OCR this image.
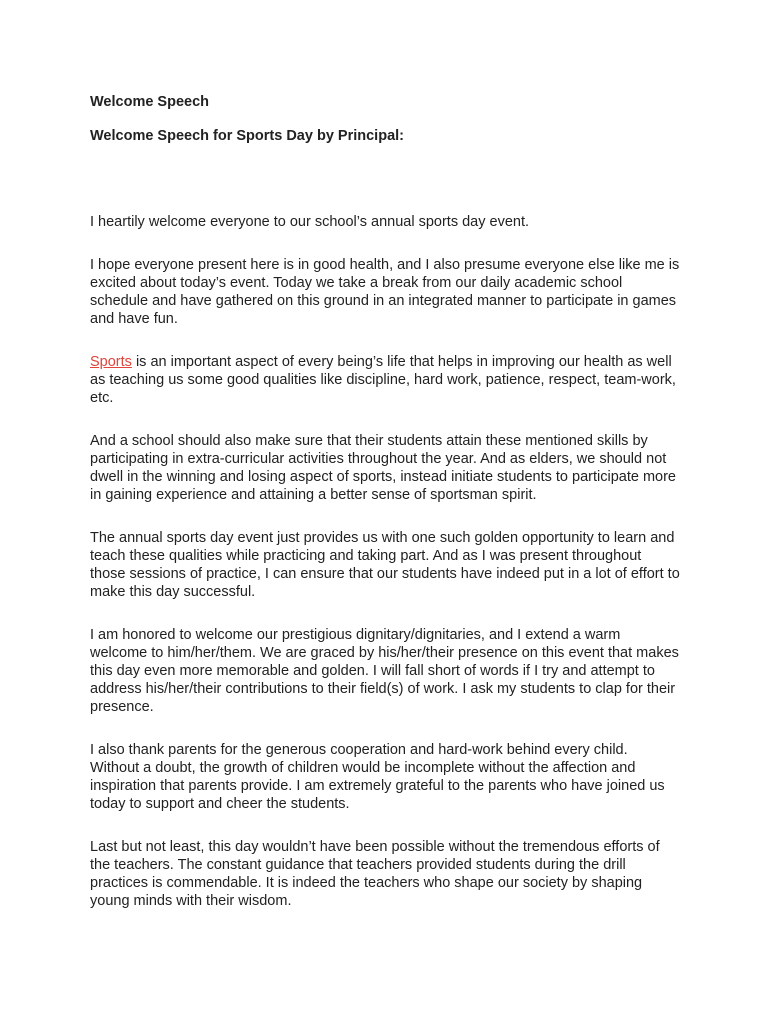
Welcome Speech

Welcome Speech for Sports Day by Principal:

I heartily welcome everyone to our school’s annual sports day event.

I hope everyone present here is in good health, and I also presume everyone else like me is excited about today’s event. Today we take a break from our daily academic school schedule and have gathered on this ground in an integrated manner to participate in games and have fun.

Sports is an important aspect of every being’s life that helps in improving our health as well as teaching us some good qualities like discipline, hard work, patience, respect, team-work, etc.

And a school should also make sure that their students attain these mentioned skills by participating in extra-curricular activities throughout the year. And as elders, we should not dwell in the winning and losing aspect of sports, instead initiate students to participate more in gaining experience and attaining a better sense of sportsman spirit.

The annual sports day event just provides us with one such golden opportunity to learn and teach these qualities while practicing and taking part. And as I was present throughout those sessions of practice, I can ensure that our students have indeed put in a lot of effort to make this day successful.

I am honored to welcome our prestigious dignitary/dignitaries, and I extend a warm welcome to him/her/them. We are graced by his/her/their presence on this event that makes this day even more memorable and golden. I will fall short of words if I try and attempt to address his/her/their contributions to their field(s) of work. I ask my students to clap for their presence.

I also thank parents for the generous cooperation and hard-work behind every child. Without a doubt, the growth of children would be incomplete without the affection and inspiration that parents provide. I am extremely grateful to the parents who have joined us today to support and cheer the students.

Last but not least, this day wouldn’t have been possible without the tremendous efforts of the teachers. The constant guidance that teachers provided students during the drill practices is commendable. It is indeed the teachers who shape our society by shaping young minds with their wisdom.
